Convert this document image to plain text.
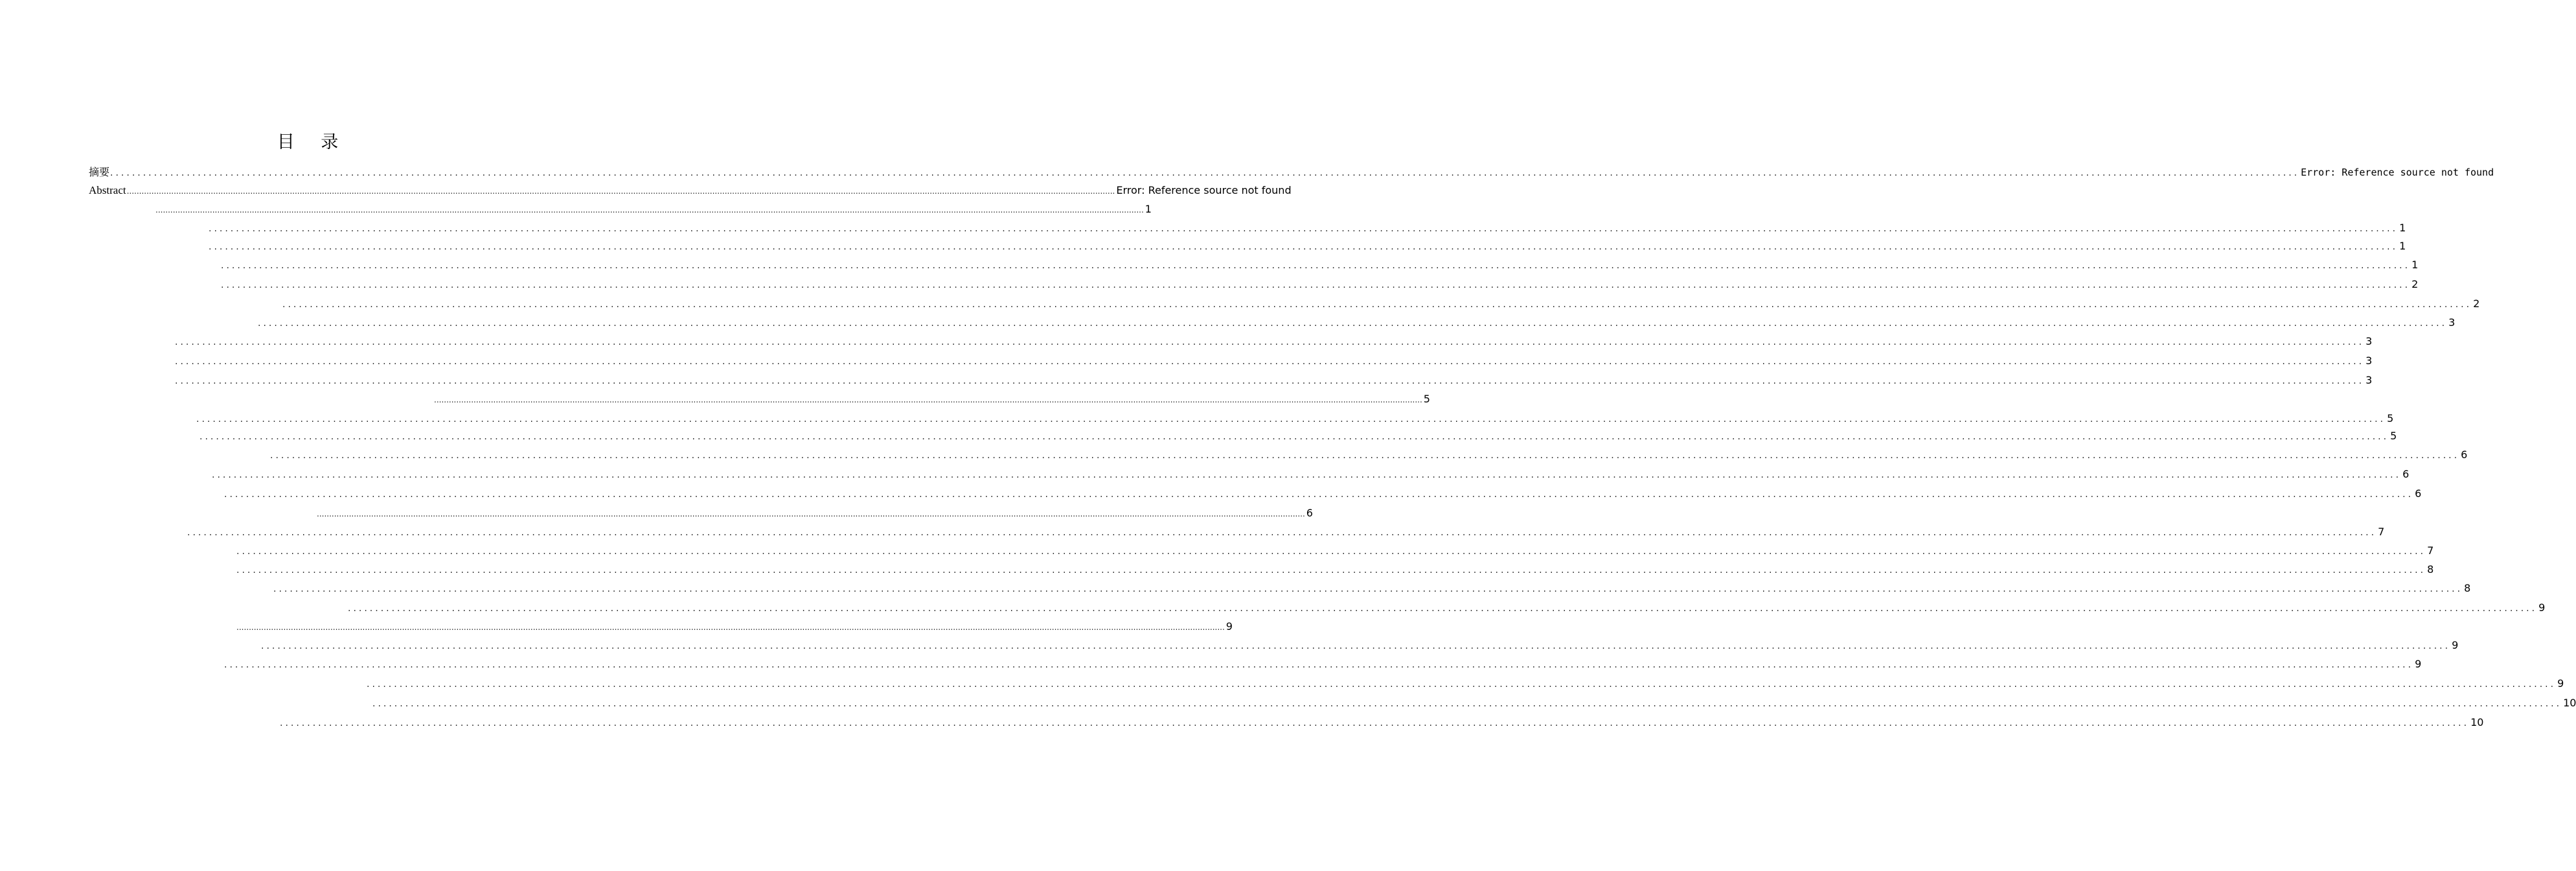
目 录
摘要 ................................................................................................................................................................................................................................................................................................................................................................................................................ Error: Reference source not found
Abstract ................................................................................................................................................................................................................................................................................................................................................................................................................ Error: Reference source not found
................................................................................................................................................................................................................................................................................................................................................................................................................ 1
................................................................................................................................................................................................................................................................................................................................................................................................................ 1
................................................................................................................................................................................................................................................................................................................................................................................................................ 1
................................................................................................................................................................................................................................................................................................................................................................................................................ 1
................................................................................................................................................................................................................................................................................................................................................................................................................ 2
................................................................................................................................................................................................................................................................................................................................................................................................................ 2
................................................................................................................................................................................................................................................................................................................................................................................................................ 3
................................................................................................................................................................................................................................................................................................................................................................................................................ 3
................................................................................................................................................................................................................................................................................................................................................................................................................ 3
................................................................................................................................................................................................................................................................................................................................................................................................................ 3
................................................................................................................................................................................................................................................................................................................................................................................................................ 5
................................................................................................................................................................................................................................................................................................................................................................................................................ 5
................................................................................................................................................................................................................................................................................................................................................................................................................ 5
................................................................................................................................................................................................................................................................................................................................................................................................................ 6
................................................................................................................................................................................................................................................................................................................................................................................................................ 6
................................................................................................................................................................................................................................................................................................................................................................................................................ 6
................................................................................................................................................................................................................................................................................................................................................................................................................ 6
................................................................................................................................................................................................................................................................................................................................................................................................................ 7
................................................................................................................................................................................................................................................................................................................................................................................................................ 7
................................................................................................................................................................................................................................................................................................................................................................................................................ 8
................................................................................................................................................................................................................................................................................................................................................................................................................ 8
................................................................................................................................................................................................................................................................................................................................................................................................................ 9
................................................................................................................................................................................................................................................................................................................................................................................................................ 9
................................................................................................................................................................................................................................................................................................................................................................................................................ 9
................................................................................................................................................................................................................................................................................................................................................................................................................ 9
................................................................................................................................................................................................................................................................................................................................................................................................................ 9
................................................................................................................................................................................................................................................................................................................................................................................................................ 10
................................................................................................................................................................................................................................................................................................................................................................................................................ 10
